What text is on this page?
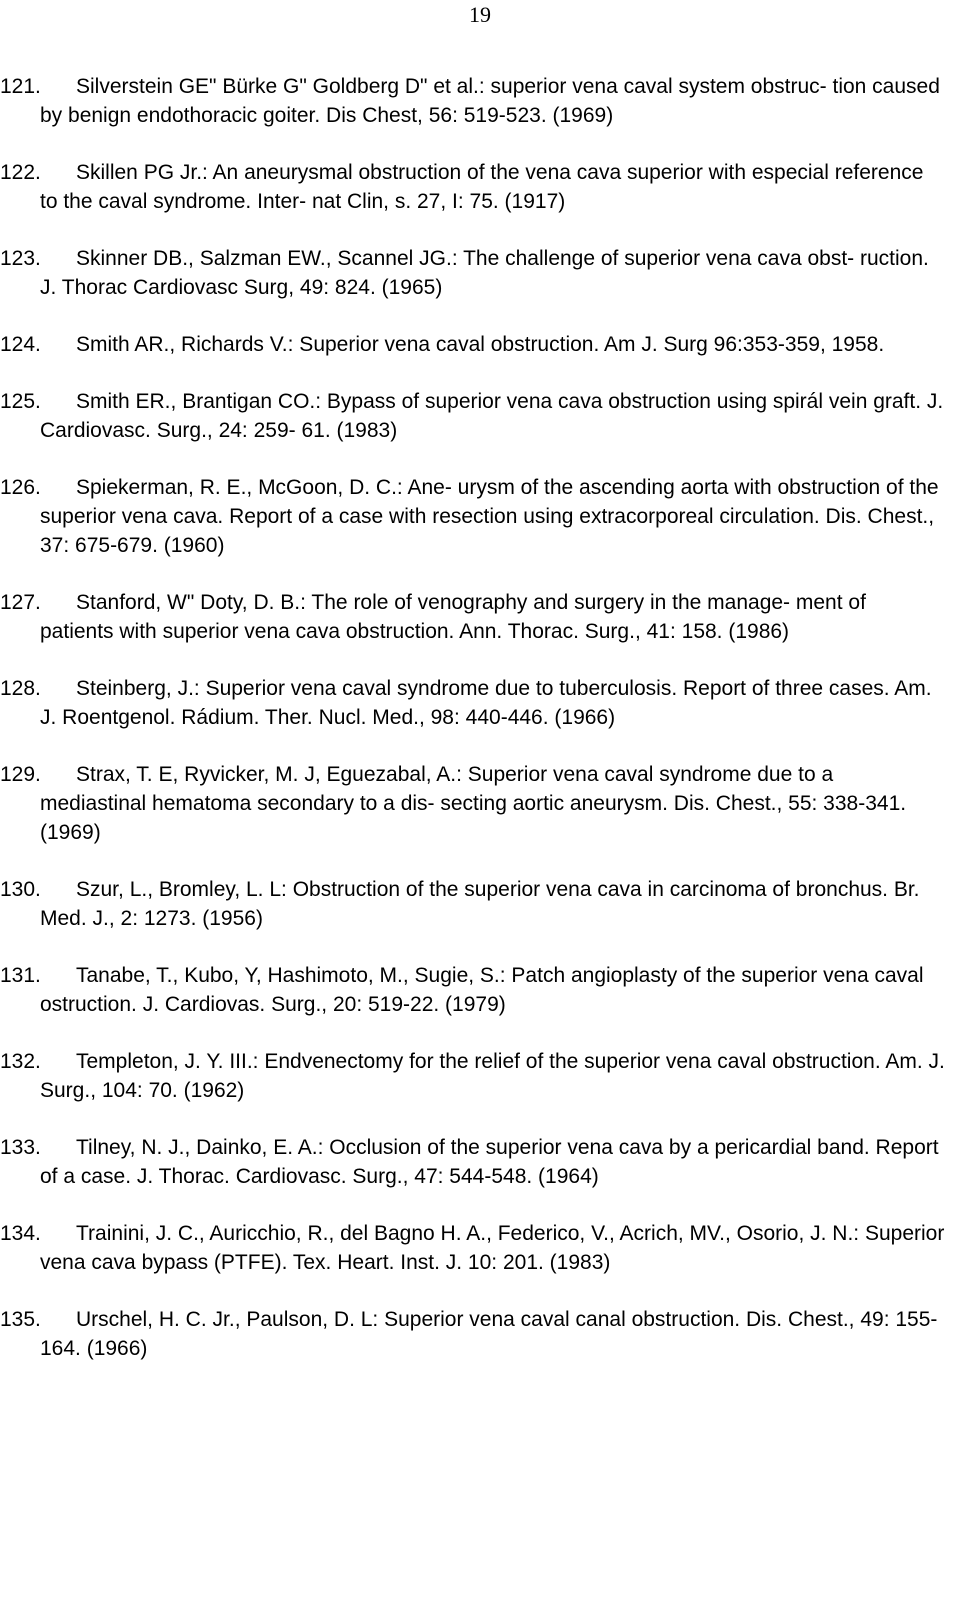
19

121. Silverstein GE" Bürke G" Goldberg D" et al.: superior vena caval system obstruc- tion caused by benign endothoracic goiter. Dis Chest, 56: 519-523. (1969)

122. Skillen PG Jr.: An aneurysmal obstruction of the vena cava superior with especial reference to the caval syndrome. Inter- nat Clin, s. 27, I: 75. (1917)

123. Skinner DB., Salzman EW., Scannel JG.: The challenge of superior vena cava obst- ruction. J. Thorac Cardiovasc Surg, 49: 824. (1965)

124. Smith AR., Richards V.: Superior vena caval obstruction. Am J. Surg 96:353-359, 1958.

125. Smith ER., Brantigan CO.: Bypass of superior vena cava obstruction using spirál vein graft. J. Cardiovasc. Surg., 24: 259- 61. (1983)

126. Spiekerman, R. E., McGoon, D. C.: Ane- urysm of the ascending aorta with obstruction of the superior vena cava. Report of a case with resection using extracorporeal circulation. Dis. Chest., 37: 675-679. (1960)

127. Stanford, W" Doty, D. B.: The role of venography and surgery in the manage- ment of patients with superior vena cava obstruction. Ann. Thorac. Surg., 41: 158. (1986)

128. Steinberg, J.: Superior vena caval syndrome due to tuberculosis. Report of three cases. Am. J. Roentgenol. Rádium. Ther. Nucl. Med., 98: 440-446. (1966)

129. Strax, T. E, Ryvicker, M. J, Eguezabal, A.: Superior vena caval syndrome due to a mediastinal hematoma secondary to a dis- secting aortic aneurysm. Dis. Chest., 55: 338-341. (1969)

130. Szur, L., Bromley, L. L: Obstruction of the superior vena cava in carcinoma of bronchus. Br. Med. J., 2: 1273. (1956)

131. Tanabe, T., Kubo, Y, Hashimoto, M., Sugie, S.: Patch angioplasty of the superior vena caval ostruction. J. Cardiovas. Surg., 20: 519-22. (1979)

132. Templeton, J. Y. III.: Endvenectomy for the relief of the superior vena caval obstruction. Am. J. Surg., 104: 70. (1962)

133. Tilney, N. J., Dainko, E. A.: Occlusion of the superior vena cava by a pericardial band. Report of a case. J. Thorac. Cardiovasc. Surg., 47: 544-548. (1964)

134. Trainini, J. C., Auricchio, R., del Bagno H. A., Federico, V., Acrich, MV., Osorio, J. N.: Superior vena cava bypass (PTFE). Tex. Heart. Inst. J. 10: 201. (1983)

135. Urschel, H. C. Jr., Paulson, D. L: Superior vena caval canal obstruction. Dis. Chest., 49: 155-164. (1966)
